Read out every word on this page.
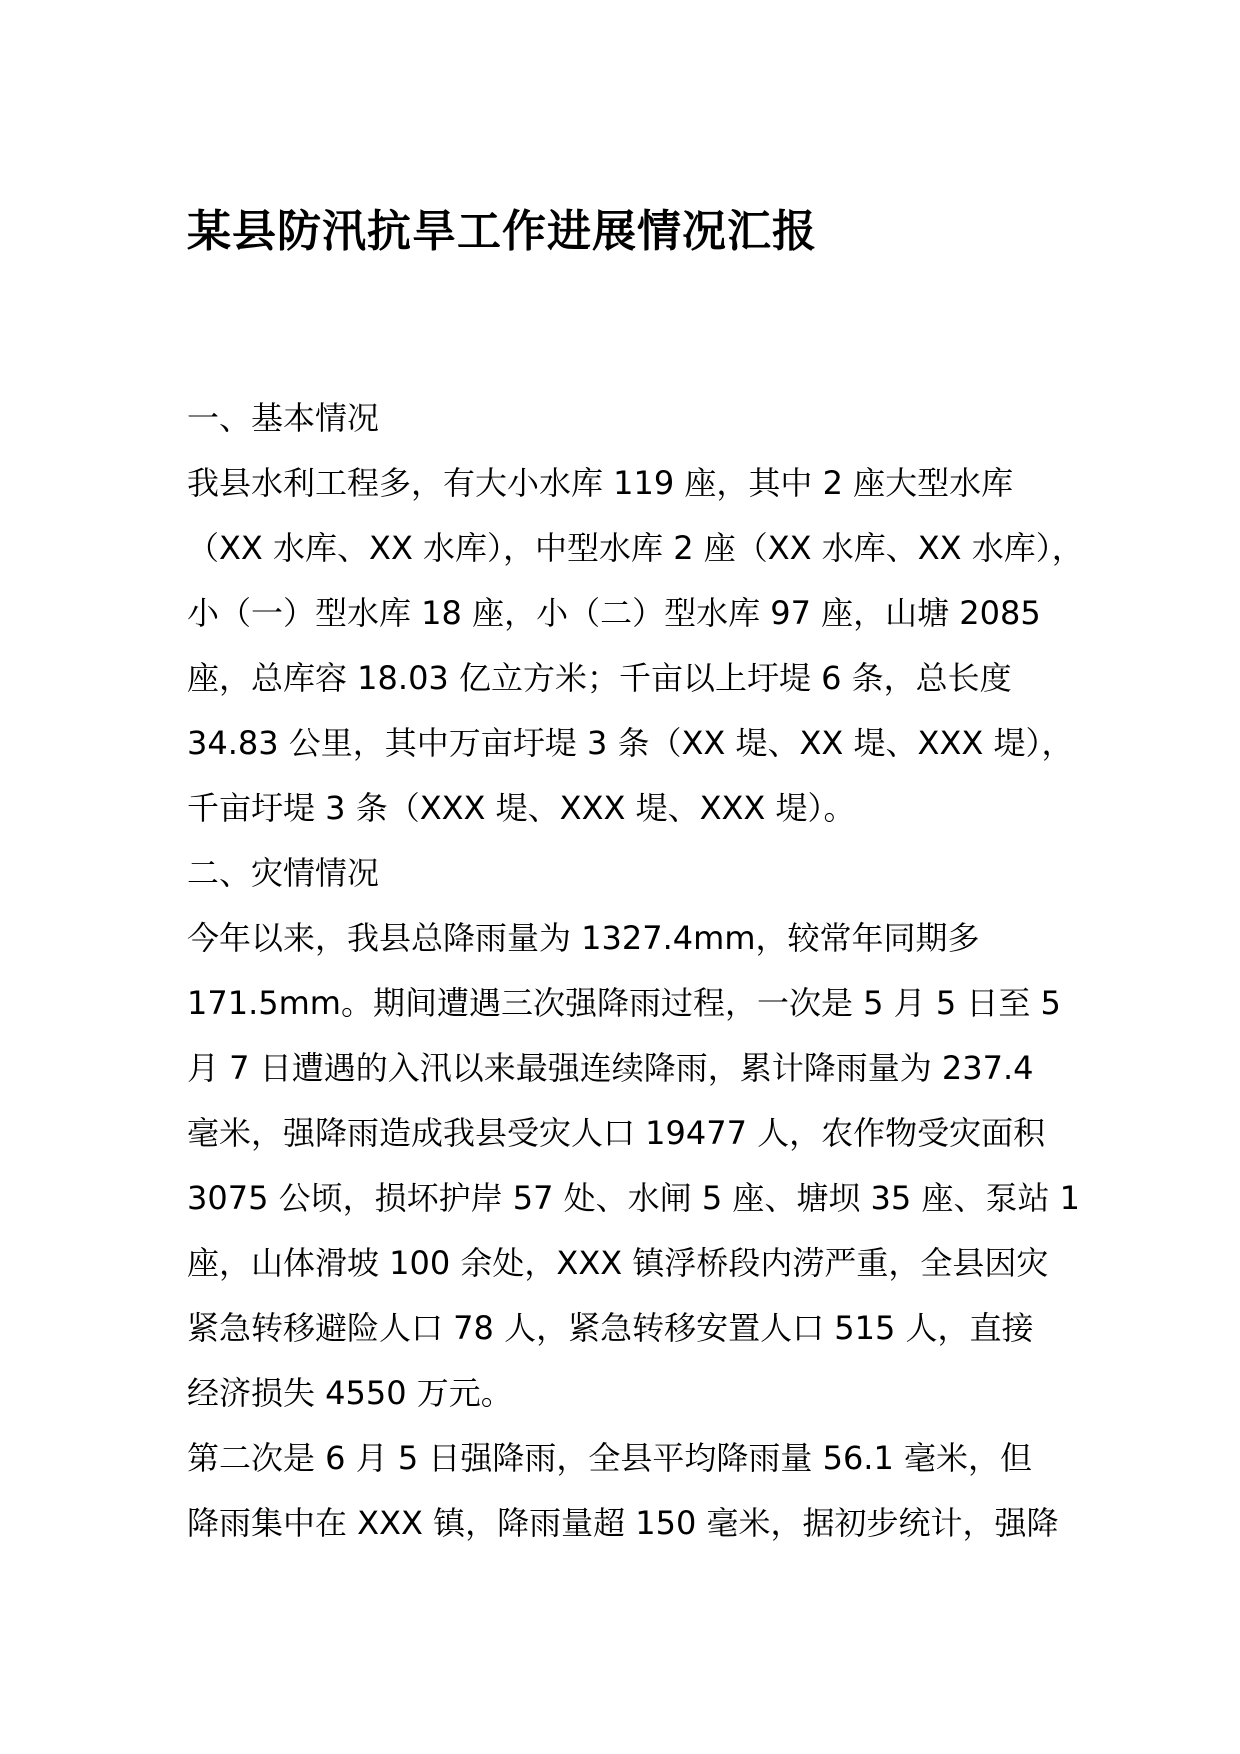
某县防汛抗旱工作进展情况汇报

一、基本情况

我县水利工程多，有大小水库 119 座，其中 2 座大型水库
（XX 水库、XX 水库），中型水库 2 座（XX 水库、XX 水库），
小（一）型水库 18 座，小（二）型水库 97 座，山塘 2085
座，总库容 18.03 亿立方米；千亩以上圩堤 6 条，总长度
34.83 公里，其中万亩圩堤 3 条（XX 堤、XX 堤、XXX 堤），
千亩圩堤 3 条（XXX 堤、XXX 堤、XXX 堤）。

二、灾情情况

今年以来，我县总降雨量为 1327.4mm，较常年同期多
171.5mm。期间遭遇三次强降雨过程，一次是 5 月 5 日至 5
月 7 日遭遇的入汛以来最强连续降雨，累计降雨量为 237.4
毫米，强降雨造成我县受灾人口 19477 人，农作物受灾面积
3075 公顷，损坏护岸 57 处、水闸 5 座、塘坝 35 座、泵站 1
座，山体滑坡 100 余处，XXX 镇浮桥段内涝严重，全县因灾
紧急转移避险人口 78 人，紧急转移安置人口 515 人，直接
经济损失 4550 万元。
第二次是 6 月 5 日强降雨，全县平均降雨量 56.1 毫米，但
降雨集中在 XXX 镇，降雨量超 150 毫米，据初步统计，强降
